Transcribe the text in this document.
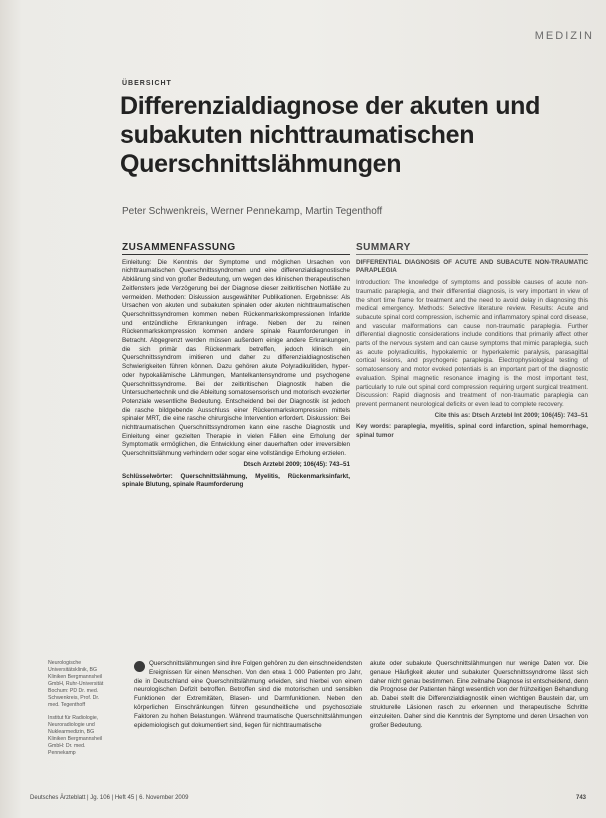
MEDIZIN
ÜBERSICHT
Differenzialdiagnose der akuten und subakuten nichttraumatischen Querschnittslähmungen
Peter Schwenkreis, Werner Pennekamp, Martin Tegenthoff
ZUSAMMENFASSUNG
Einleitung: Die Kenntnis der Symptome und möglichen Ursachen von nichttraumatischen Querschnittssyndromen und eine differenzialdiagnostische Abklärung sind von großer Bedeutung, um wegen des klinischen therapeutischen Zeitfensters jede Verzögerung bei der Diagnose dieser zeitkritischen Notfälle zu vermeiden. Methoden: Diskussion ausgewählter Publikationen. Ergebnisse: Als Ursachen von akuten und subakuten spinalen oder akuten nichttraumatischen Querschnittssyndromen kommen neben Rückenmarkskompressionen Infarkte und entzündliche Erkrankungen infrage. Neben der zu reinen Rückenmarkskompression kommen andere spinale Raumforderungen in Betracht. Abgegrenzt werden müssen außerdem einige andere Erkrankungen, die sich primär das Rückenmark betreffen, jedoch klinisch ein Querschnittssyndrom imitieren und daher zu differenzialdiagnostischen Schwierigkeiten führen können. Dazu gehören akute Polyradikulitiden, hyper- oder hypokaliämische Lähmungen, Mantelkantensyndrome und psychogene Querschnittssyndrome. Bei der zeitkritischen Diagnostik haben die Untersuchertechnik und die Ableitung somatosensorisch und motorisch evozierter Potenziale wesentliche Bedeutung. Entscheidend bei der Diagnostik ist jedoch die rasche bildgebende Ausschluss einer Rückenmarkskompression mittels spinaler MRT, die eine rasche chirurgische Intervention erfordert. Diskussion: Bei nichttraumatischen Querschnittssyndromen kann eine rasche Diagnostik und Einleitung einer gezielten Therapie in vielen Fällen eine Erholung der Symptomatik ermöglichen, die Entwicklung einer dauerhaften oder irreversiblen Querschnittslähmung verhindern oder sogar eine vollständige Erholung erzielen.
Dtsch Arztebl 2009; 106(45): 743–51
Schlüsselwörter: Querschnittslähmung, Myelitis, Rückenmarksinfarkt, spinale Blutung, spinale Raumforderung
SUMMARY
DIFFERENTIAL DIAGNOSIS OF ACUTE AND SUBACUTE NON-TRAUMATIC PARAPLEGIA
Introduction: The knowledge of symptoms and possible causes of acute non-traumatic paraplegia, and their differential diagnosis, is very important in view of the short time frame for treatment and the need to avoid delay in diagnosing this medical emergency. Methods: Selective literature review. Results: Acute and subacute spinal cord compression, ischemic and inflammatory spinal cord disease, and vascular malformations can cause non-traumatic paraplegia. Further differential diagnostic considerations include conditions that primarily affect other parts of the nervous system and can cause symptoms that mimic paraplegia, such as acute polyradiculitis, hypokalemic or hyperkalemic paralysis, parasagittal cortical lesions, and psychogenic paraplegia. Electrophysiological testing of somatosensory and motor evoked potentials is an important part of the diagnostic evaluation. Spinal magnetic resonance imaging is the most important test, particularly to rule out spinal cord compression requiring urgent surgical treatment. Discussion: Rapid diagnosis and treatment of non-traumatic paraplegia can prevent permanent neurological deficits or even lead to complete recovery.
Cite this as: Dtsch Arztebl Int 2009; 106(45): 743–51
Key words: paraplegia, myelitis, spinal cord infarction, spinal hemorrhage, spinal tumor

Neurologische Universitätsklinik, BG Kliniken Bergmannsheil GmbH, Ruhr-Universität Bochum: PD Dr. med. Schwenkreis, Prof. Dr. med. Tegenthoff

Institut für Radiologie, Neuroradiologie und Nuklearmedizin, BG Kliniken Bergmannsheil GmbH: Dr. med. Pennekamp

Querschnittslähmungen sind ihre Folgen gehören zu den einschneidendsten Ereignissen für einen Menschen. Von den etwa 1 000 Patienten pro Jahr, die in Deutschland eine Querschnittslähmung erleiden, sind hierbei von einem neurologischen Defizit betroffen. Betroffen sind die motorischen und sensiblen Funktionen der Extremitäten, Blasen- und Darmfunktionen. Neben den körperlichen Einschränkungen führen gesundheitliche und psychosoziale Faktoren zu hohen Belastungen. Während traumatische Querschnittslähmungen epidemiologisch gut dokumentiert sind, liegen für nichttraumatische
akute oder subakute Querschnittslähmungen nur wenige Daten vor. Die genaue Häufigkeit akuter und subakuter Querschnittssyndrome lässt sich daher nicht genau bestimmen. Eine zeitnahe Diagnose ist entscheidend, denn die Prognose der Patienten hängt wesentlich von der frühzeitigen Behandlung ab. Dabei stellt die Differenzialdiagnostik einen wichtigen Baustein dar, um strukturelle Läsionen rasch zu erkennen und therapeutische Schritte einzuleiten. Daher sind die Kenntnis der Symptome und deren Ursachen von großer Bedeutung.
Deutsches Ärzteblatt | Jg. 106 | Heft 45 | 6. November 2009	743
